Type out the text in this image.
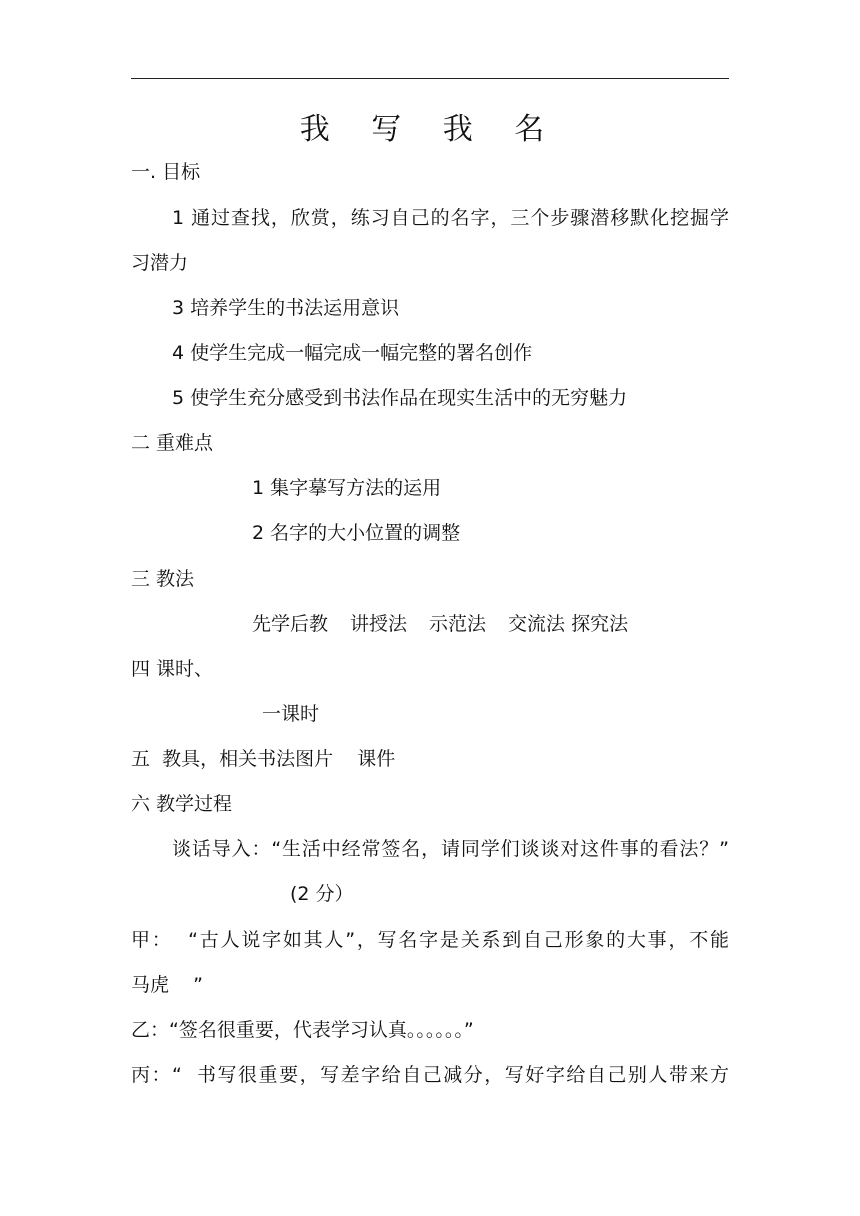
我 写 我 名
一. 目标
1 通过查找，欣赏，练习自己的名字，三个步骤潜移默化挖掘学
习潜力
3 培养学生的书法运用意识
4 使学生完成一幅完成一幅完整的署名创作
5 使学生充分感受到书法作品在现实生活中的无穷魅力
二 重难点
1 集字摹写方法的运用
2 名字的大小位置的调整
三 教法
先学后教 讲授法 示范法 交流法 探究法
四 课时、
一课时
五  教具，相关书法图片    课件
六 教学过程
谈话导入：“生活中经常签名，请同学们谈谈对这件事的看法？”
(2 分）
甲：  “古人说字如其人”，写名字是关系到自己形象的大事，不能
马虎    ”
乙：“签名很重要，代表学习认真。。。。。。”
丙：“  书写很重要，写差字给自己减分，写好字给自己别人带来方
